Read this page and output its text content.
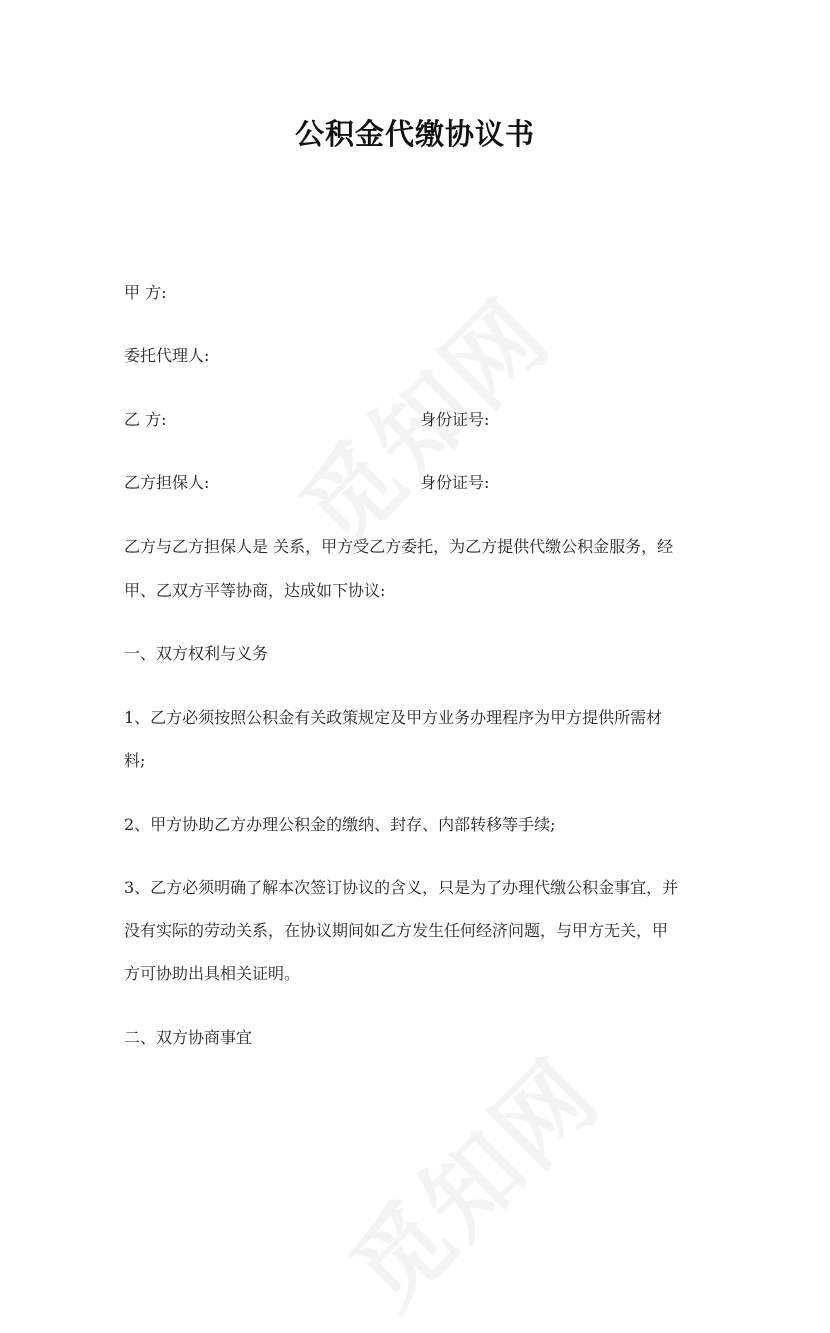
公积金代缴协议书
甲 方:
委托代理人:
乙 方:	身份证号:
乙方担保人:	身份证号:
乙方与乙方担保人是 关系，甲方受乙方委托，为乙方提供代缴公积金服务，经
甲、乙双方平等协商，达成如下协议:
一、双方权利与义务
1、乙方必须按照公积金有关政策规定及甲方业务办理程序为甲方提供所需材
料;
2、甲方协助乙方办理公积金的缴纳、封存、内部转移等手续;
3、乙方必须明确了解本次签订协议的含义，只是为了办理代缴公积金事宜，并
没有实际的劳动关系，在协议期间如乙方发生任何经济问题，与甲方无关，甲
方可协助出具相关证明。
二、双方协商事宜
